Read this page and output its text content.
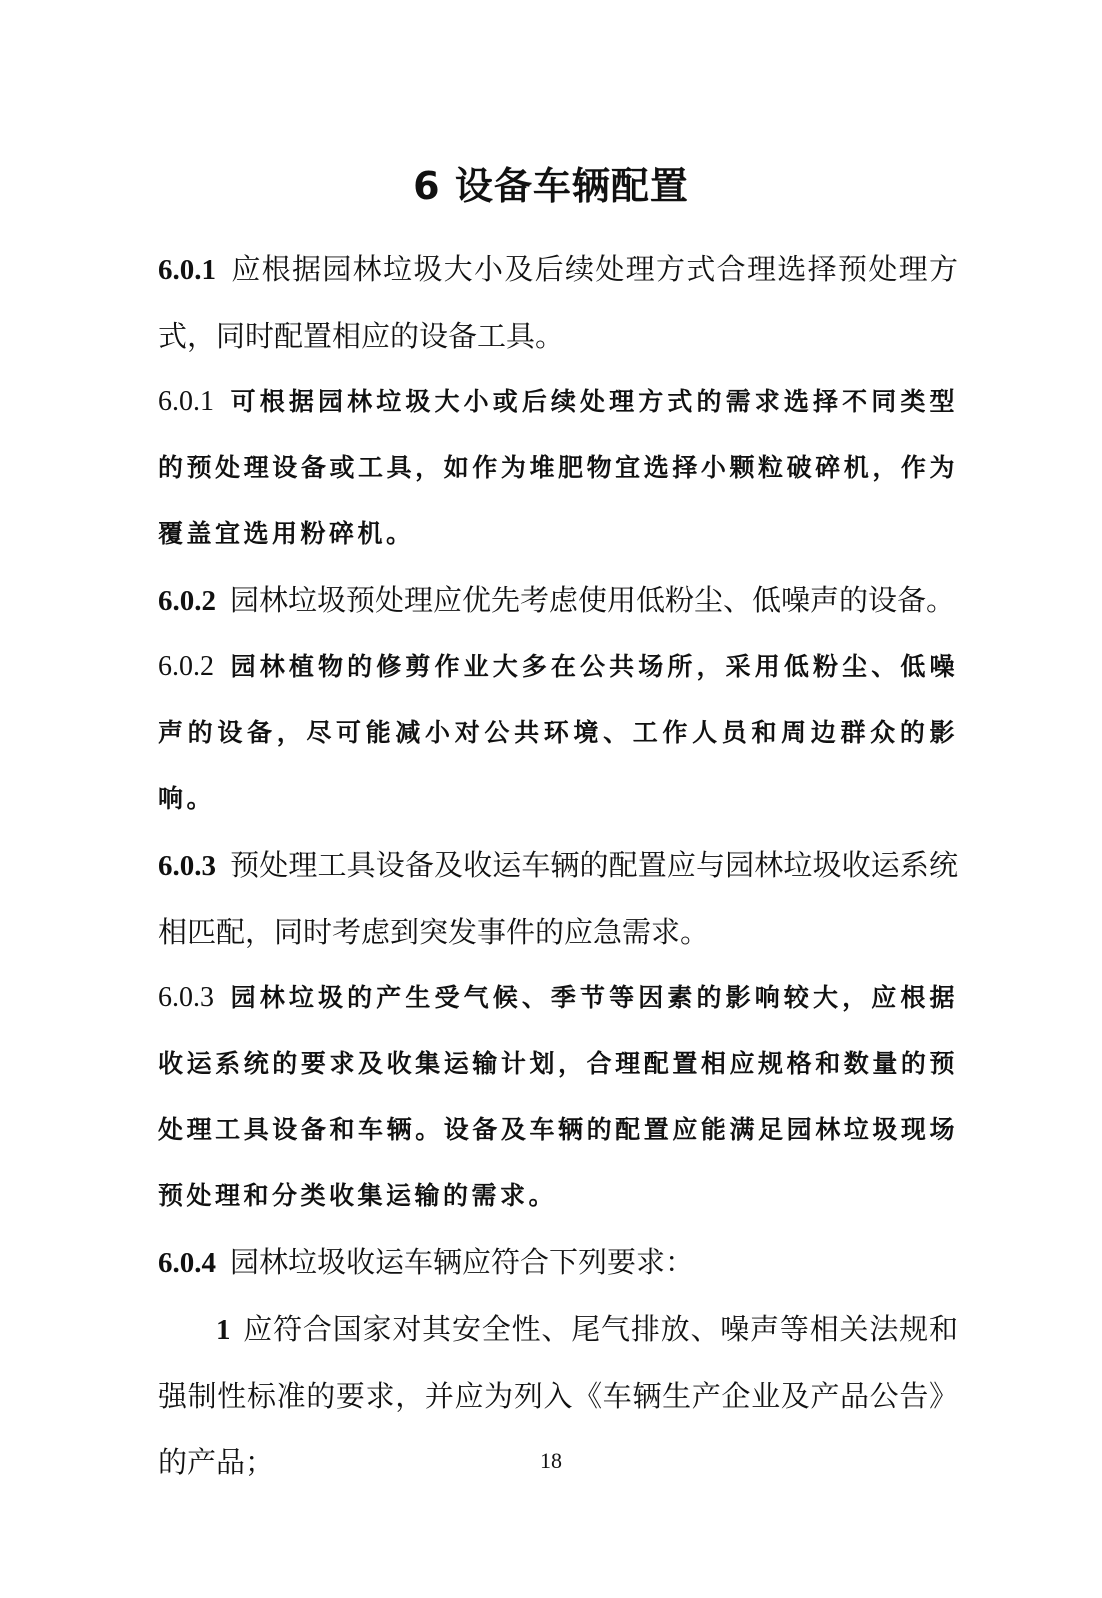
6 设备车辆配置

6.0.1 应根据园林垃圾大小及后续处理方式合理选择预处理方式，同时配置相应的设备工具。

6.0.1 可根据园林垃圾大小或后续处理方式的需求选择不同类型的预处理设备或工具，如作为堆肥物宜选择小颗粒破碎机，作为覆盖宜选用粉碎机。

6.0.2 园林垃圾预处理应优先考虑使用低粉尘、低噪声的设备。

6.0.2 园林植物的修剪作业大多在公共场所，采用低粉尘、低噪声的设备，尽可能减小对公共环境、工作人员和周边群众的影响。

6.0.3 预处理工具设备及收运车辆的配置应与园林垃圾收运系统相匹配，同时考虑到突发事件的应急需求。

6.0.3 园林垃圾的产生受气候、季节等因素的影响较大，应根据收运系统的要求及收集运输计划，合理配置相应规格和数量的预处理工具设备和车辆。设备及车辆的配置应能满足园林垃圾现场预处理和分类收集运输的需求。

6.0.4 园林垃圾收运车辆应符合下列要求：

1 应符合国家对其安全性、尾气排放、噪声等相关法规和强制性标准的要求，并应为列入《车辆生产企业及产品公告》的产品；	18
